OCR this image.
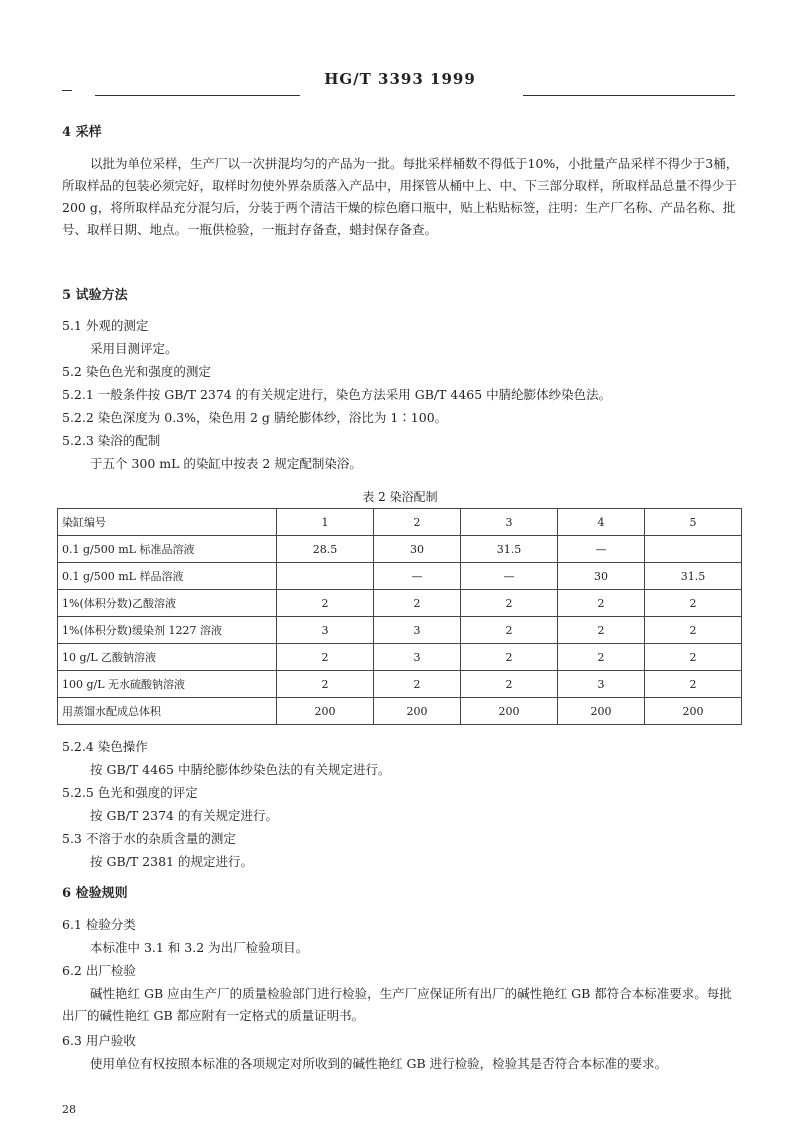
HG/T 3393 1999
4 采样
以批为单位采样，生产厂以一次拼混均匀的产品为一批。每批采样桶数不得低于10%，小批量产品采样不得少于3桶，所取样品的包装必须完好，取样时勿使外界杂质落入产品中，用探管从桶中上、中、下三部分取样，所取样品总量不得少于200 g，将所取样品充分混匀后，分装于两个清洁干燥的棕色磨口瓶中，贴上粘贴标签，注明：生产厂名称、产品名称、批号、取样日期、地点。一瓶供检验，一瓶封存备查，蜡封保存备查。
5 试验方法
5.1 外观的测定
采用目测评定。
5.2 染色色光和强度的测定
5.2.1 一般条件按 GB/T 2374 的有关规定进行，染色方法采用 GB/T 4465 中腈纶膨体纱染色法。
5.2.2 染色深度为 0.3%，染色用 2 g 腈纶膨体纱，浴比为 1∶100。
5.2.3 染浴的配制
于五个 300 mL 的染缸中按表 2 规定配制染浴。
表 2 染浴配制
染缸编号	1	2	3	4	5
0.1 g/500 mL 标准品溶液	28.5	30	31.5	—	
0.1 g/500 mL 样品溶液		—	—	30	31.5
1%(体积分数)乙酸溶液	2	2	2	2	2
1%(体积分数)缓染剂 1227 溶液	3	3	2	2	2
10 g/L 乙酸钠溶液	2	3	2	2	2
100 g/L 无水硫酸钠溶液	2	2	2	3	2
用蒸馏水配成总体积	200	200	200	200	200
5.2.4 染色操作
按 GB/T 4465 中腈纶膨体纱染色法的有关规定进行。
5.2.5 色光和强度的评定
按 GB/T 2374 的有关规定进行。
5.3 不溶于水的杂质含量的测定
按 GB/T 2381 的规定进行。
6 检验规则
6.1 检验分类
本标准中 3.1 和 3.2 为出厂检验项目。
6.2 出厂检验
碱性艳红 GB 应由生产厂的质量检验部门进行检验，生产厂应保证所有出厂的碱性艳红 GB 都符合本标准要求。每批出厂的碱性艳红 GB 都应附有一定格式的质量证明书。
6.3 用户验收
使用单位有权按照本标准的各项规定对所收到的碱性艳红 GB 进行检验，检验其是否符合本标准的要求。
28
